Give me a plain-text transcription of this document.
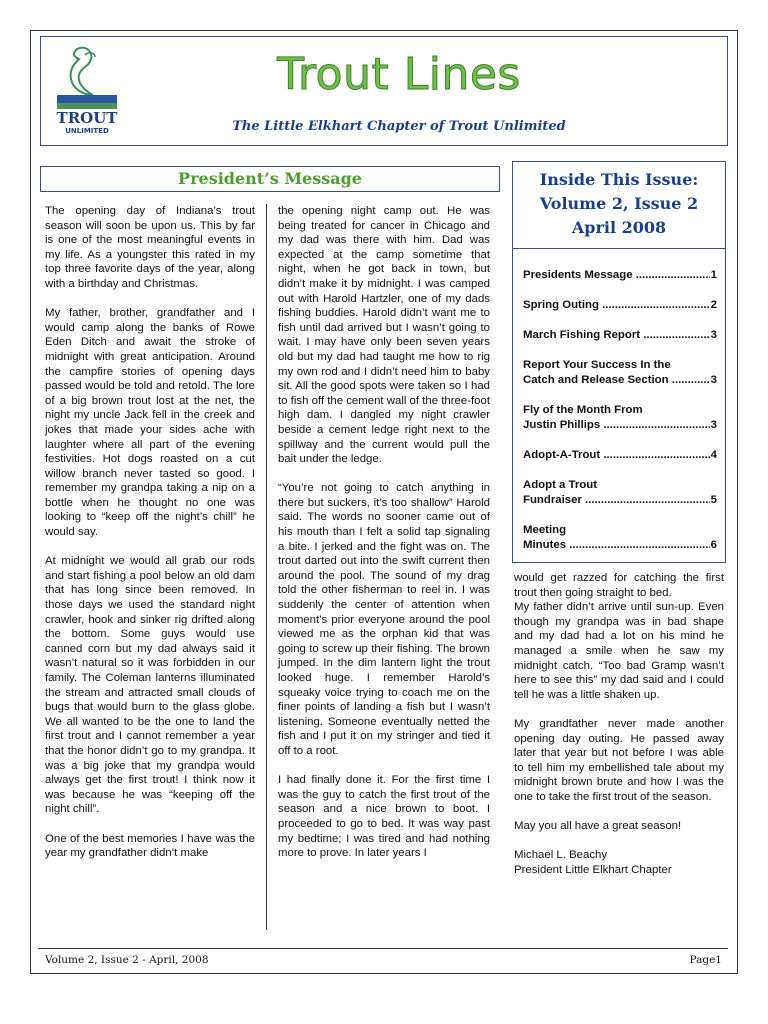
TROUT
UNLIMITED
Trout Lines
The Little Elkhart Chapter of Trout Unlimited
President’s Message

The opening day of Indiana’s trout season will soon be upon us. This by far is one of the most meaningful events in my life. As a youngster this rated in my top three favorite days of the year, along with a birthday and Christmas.

My father, brother, grandfather and I would camp along the banks of Rowe Eden Ditch and await the stroke of midnight with great anticipation. Around the campfire stories of opening days passed would be told and retold. The lore of a big brown trout lost at the net, the night my uncle Jack fell in the creek and jokes that made your sides ache with laughter where all part of the evening festivities. Hot dogs roasted on a cut willow branch never tasted so good. I remember my grandpa taking a nip on a bottle when he thought no one was looking to “keep off the night’s chill” he would say.

At midnight we would all grab our rods and start fishing a pool below an old dam that has long since been removed. In those days we used the standard night crawler, hook and sinker rig drifted along the bottom. Some guys would use canned corn but my dad always said it wasn’t natural so it was forbidden in our family. The Coleman lanterns illuminated the stream and attracted small clouds of bugs that would burn to the glass globe. We all wanted to be the one to land the first trout and I cannot remember a year that the honor didn’t go to my grandpa. It was a big joke that my grandpa would always get the first trout! I think now it was because he was “keeping off the night chill”.

One of the best memories I have was the year my grandfather didn’t make

the opening night camp out. He was being treated for cancer in Chicago and my dad was there with him. Dad was expected at the camp sometime that night, when he got back in town, but didn’t make it by midnight. I was camped out with Harold Hartzler, one of my dads fishing buddies. Harold didn’t want me to fish until dad arrived but I wasn’t going to wait. I may have only been seven years old but my dad had taught me how to rig my own rod and I didn’t need him to baby sit. All the good spots were taken so I had to fish off the cement wall of the three-foot high dam. I dangled my night crawler beside a cement ledge right next to the spillway and the current would pull the bait under the ledge.

“You’re not going to catch anything in there but suckers, it’s too shallow” Harold said. The words no sooner came out of his mouth than I felt a solid tap signaling a bite. I jerked and the fight was on. The trout darted out into the swift current then around the pool. The sound of my drag told the other fisherman to reel in. I was suddenly the center of attention when moment’s prior everyone around the pool viewed me as the orphan kid that was going to screw up their fishing. The brown jumped. In the dim lantern light the trout looked huge. I remember Harold’s squeaky voice trying to coach me on the finer points of landing a fish but I wasn’t listening. Someone eventually netted the fish and I put it on my stringer and tied it off to a root.

I had finally done it. For the first time I was the guy to catch the first trout of the season and a nice brown to boot. I proceeded to go to bed. It was way past my bedtime; I was tired and had nothing more to prove. In later years I

Inside This Issue:
Volume 2, Issue 2
April 2008
Presidents Message .....	1
Spring Outing .....	2
March Fishing Report .....	3
Report Your Success In the
Catch and Release Section .....	3
Fly of the Month From
Justin Phillips .....	3
Adopt-A-Trout .....	4
Adopt a Trout
Fundraiser .....	5
Meeting
Minutes .....	6

would get razzed for catching the first trout then going straight to bed.

My father didn’t arrive until sun-up. Even though my grandpa was in bad shape and my dad had a lot on his mind he managed a smile when he saw my midnight catch. “Too bad Gramp wasn’t here to see this” my dad said and I could tell he was a little shaken up.

My grandfather never made another opening day outing. He passed away later that year but not before I was able to tell him my embellished tale about my midnight brown brute and how I was the one to take the first trout of the season.

May you all have a great season!

Michael L. Beachy
President Little Elkhart Chapter
Volume 2, Issue 2 - April, 2008	Page1
